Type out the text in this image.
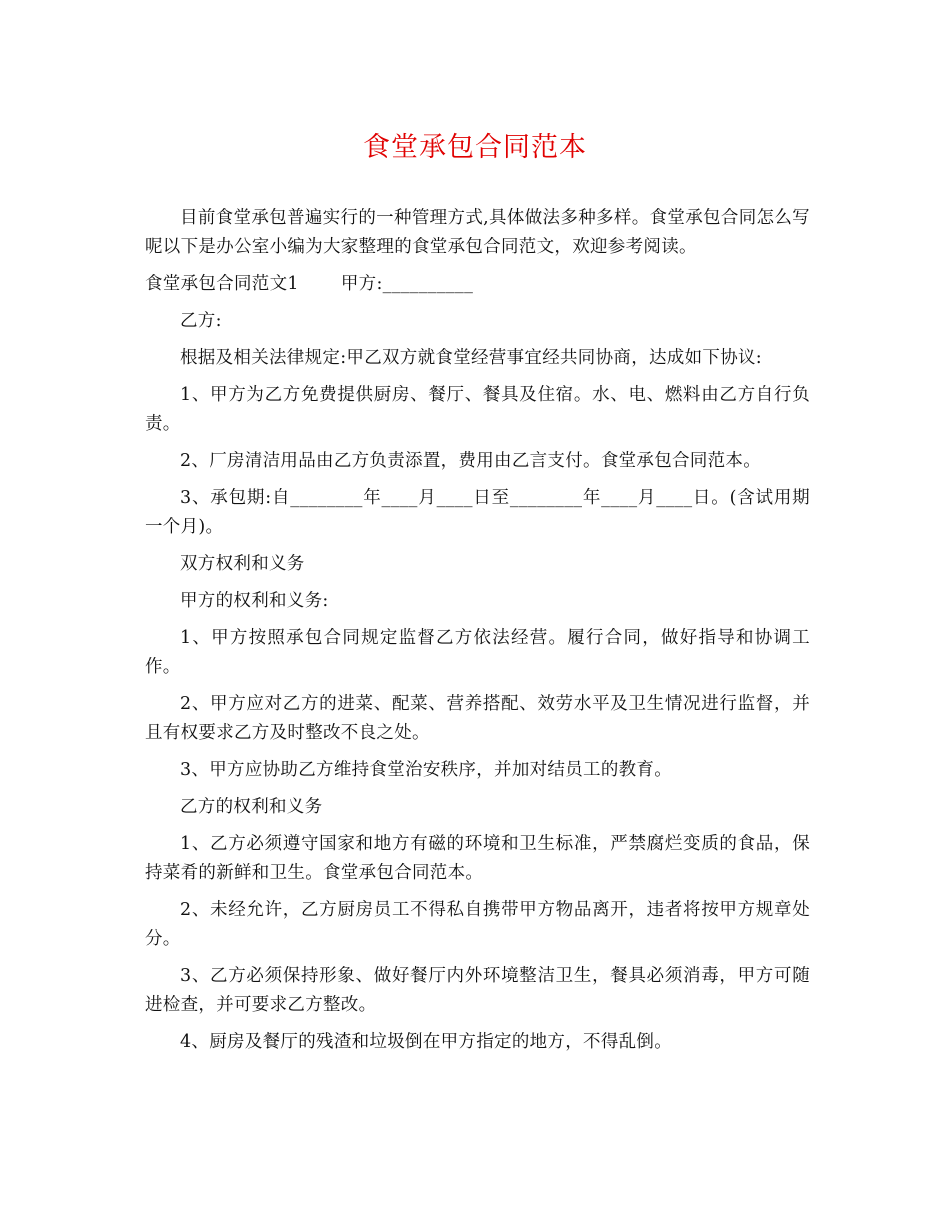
食堂承包合同范本

目前食堂承包普遍实行的一种管理方式,具体做法多种多样。食堂承包合同怎么写呢以下是办公室小编为大家整理的食堂承包合同范文，欢迎参考阅读。

食堂承包合同范文1 甲方:__________

乙方:

根据及相关法律规定:甲乙双方就食堂经营事宜经共同协商，达成如下协议:

1、甲方为乙方免费提供厨房、餐厅、餐具及住宿。水、电、燃料由乙方自行负责。

2、厂房清洁用品由乙方负责添置，费用由乙言支付。食堂承包合同范本。

3、承包期:自________年____月____日至________年____月____日。(含试用期一个月)。

双方权利和义务

甲方的权利和义务:

1、甲方按照承包合同规定监督乙方依法经营。履行合同，做好指导和协调工作。

2、甲方应对乙方的进菜、配菜、营养搭配、效劳水平及卫生情况进行监督，并且有权要求乙方及时整改不良之处。

3、甲方应协助乙方维持食堂治安秩序，并加对结员工的教育。

乙方的权利和义务

1、乙方必须遵守国家和地方有磁的环境和卫生标准，严禁腐烂变质的食品，保持菜肴的新鲜和卫生。食堂承包合同范本。

2、未经允许，乙方厨房员工不得私自携带甲方物品离开，违者将按甲方规章处分。

3、乙方必须保持形象、做好餐厅内外环境整洁卫生，餐具必须消毒，甲方可随进检查，并可要求乙方整改。

4、厨房及餐厅的残渣和垃圾倒在甲方指定的地方，不得乱倒。
